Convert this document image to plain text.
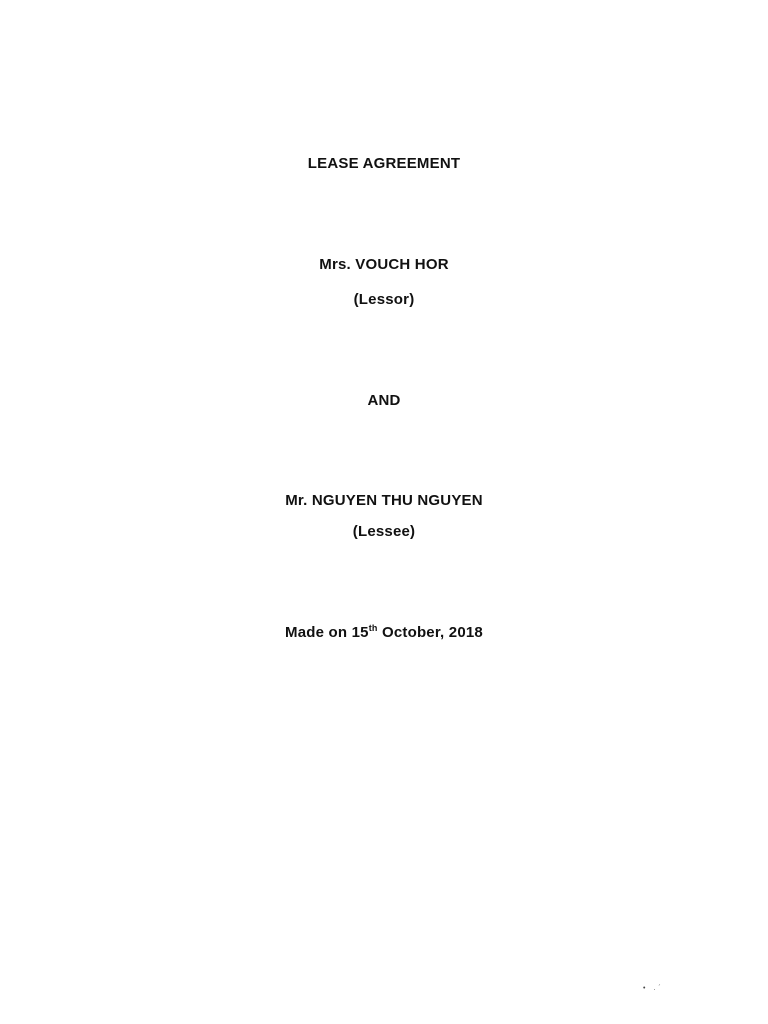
LEASE AGREEMENT
Mrs. VOUCH HOR
(Lessor)
AND
Mr. NGUYEN THU NGUYEN
(Lessee)
Made on 15th October, 2018
• .´
